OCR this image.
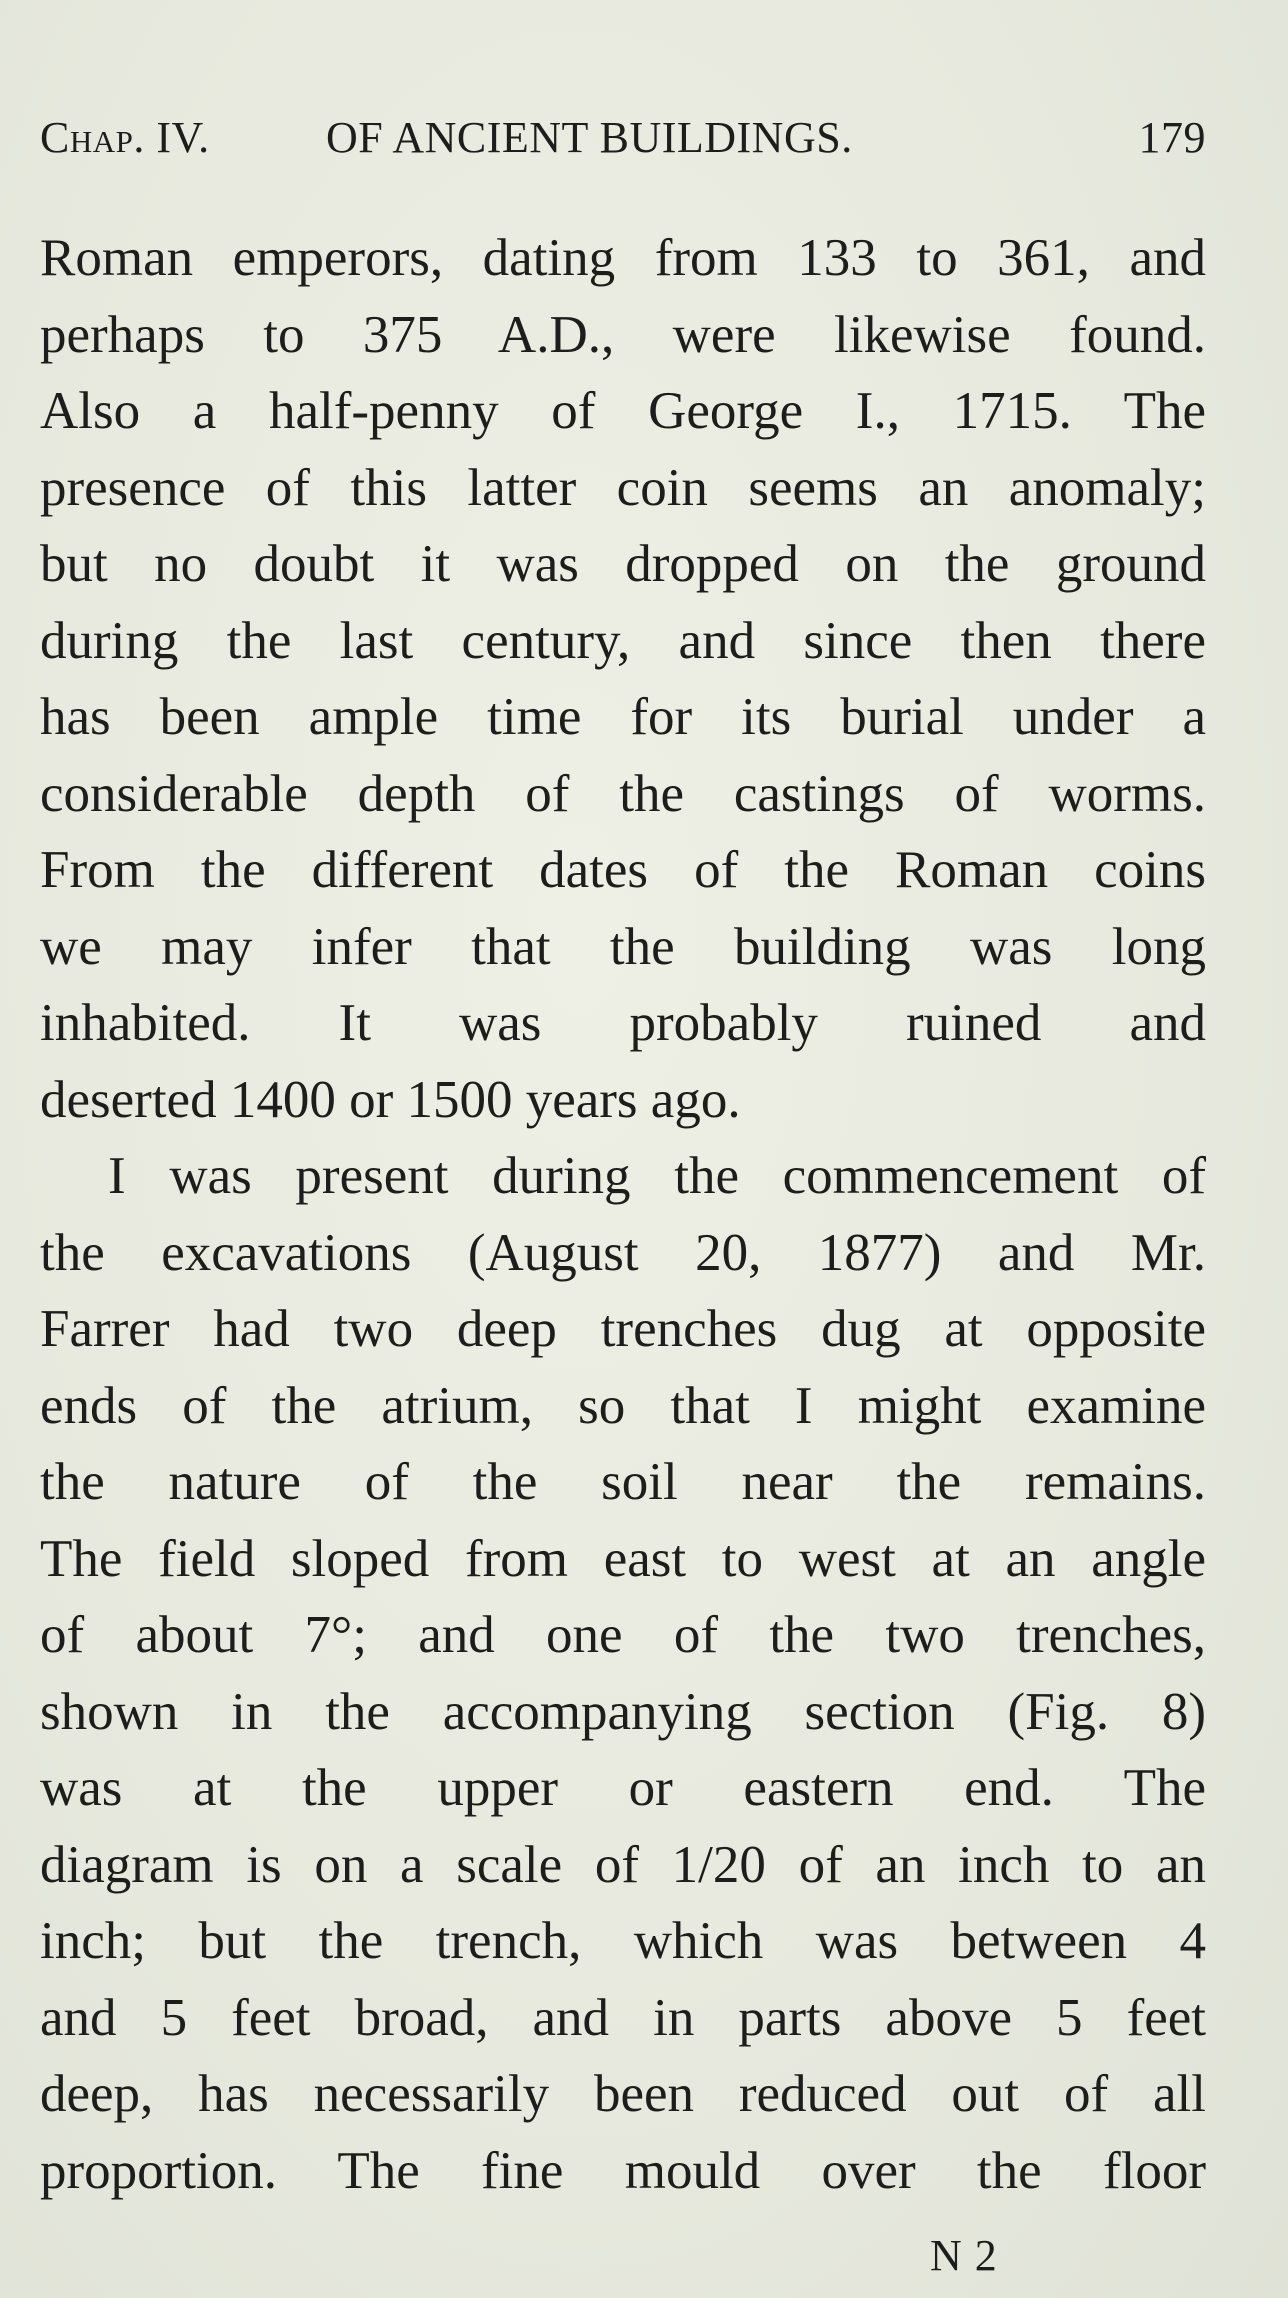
Chap. IV.	OF ANCIENT BUILDINGS.	179
Roman emperors, dating from 133 to 361, and
perhaps to 375 A.D., were likewise found.
Also a half-penny of George I., 1715. The
presence of this latter coin seems an anomaly;
but no doubt it was dropped on the ground
during the last century, and since then there
has been ample time for its burial under a
considerable depth of the castings of worms.
From the different dates of the Roman coins
we may infer that the building was long
inhabited. It was probably ruined and
deserted 1400 or 1500 years ago.
I was present during the commencement of
the excavations (August 20, 1877) and Mr.
Farrer had two deep trenches dug at opposite
ends of the atrium, so that I might examine
the nature of the soil near the remains.
The field sloped from east to west at an angle
of about 7°; and one of the two trenches,
shown in the accompanying section (Fig. 8)
was at the upper or eastern end. The
diagram is on a scale of 1/20 of an inch to an
inch; but the trench, which was between 4
and 5 feet broad, and in parts above 5 feet
deep, has necessarily been reduced out of all
proportion. The fine mould over the floor
N 2
